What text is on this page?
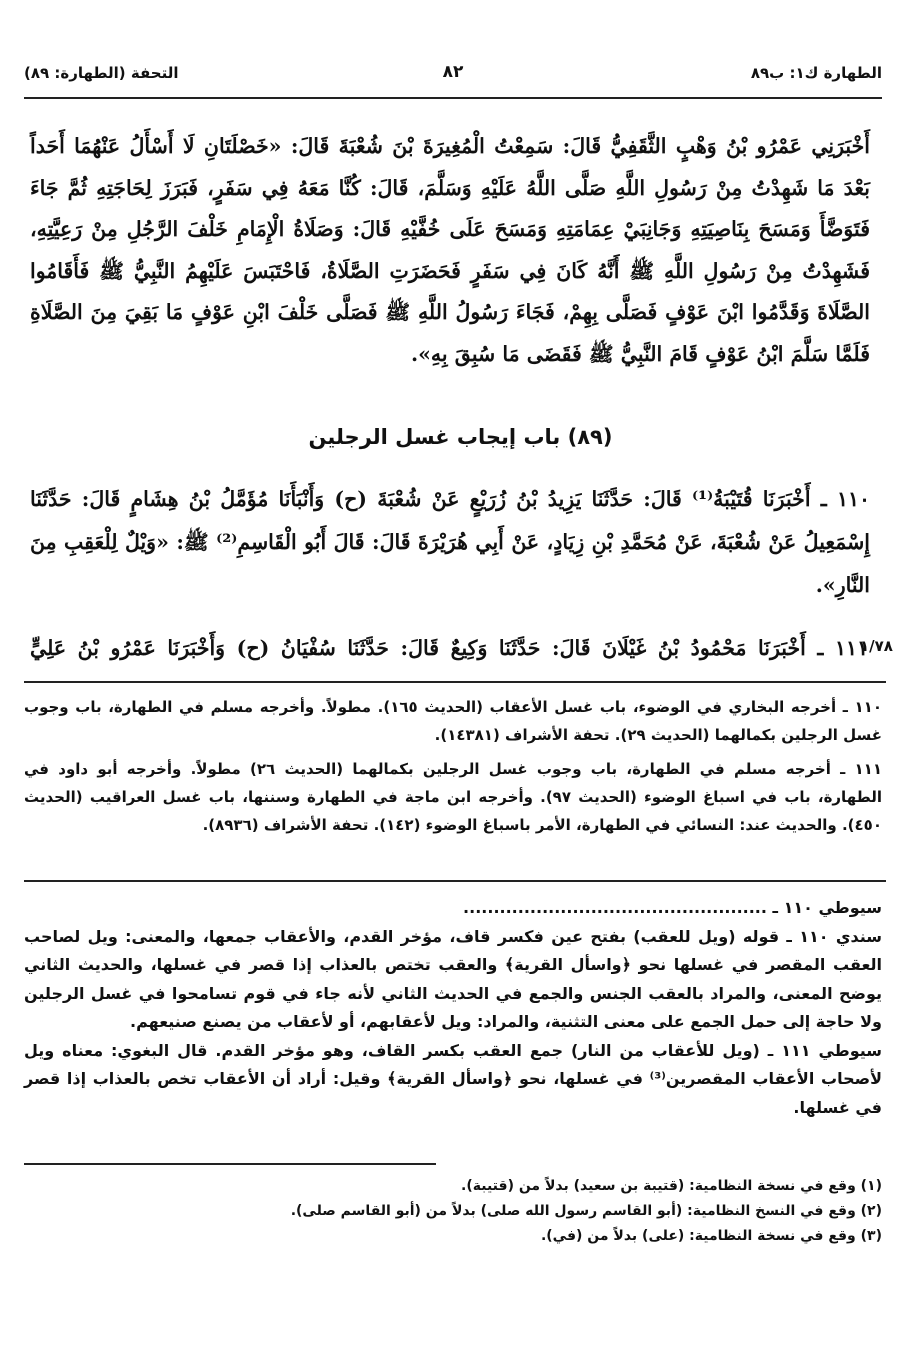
الطهارة ك١: ب٨٩
٨٢
التحفة (الطهارة: ٨٩)

أَخْبَرَنِي عَمْرُو بْنُ وَهْبٍ الثَّقَفِيُّ قَالَ: سَمِعْتُ الْمُغِيرَةَ بْنَ شُعْبَةَ قَالَ: «خَصْلَتَانِ لَا أَسْأَلُ عَنْهُمَا أَحَداً بَعْدَ مَا شَهِدْتُ مِنْ رَسُولِ اللَّهِ صَلَّى اللَّهُ عَلَيْهِ وَسَلَّمَ، قَالَ: كُنَّا مَعَهُ فِي سَفَرٍ، فَبَرَزَ لِحَاجَتِهِ ثُمَّ جَاءَ فَتَوَضَّأَ وَمَسَحَ بِنَاصِيَتِهِ وَجَانِبَيْ عِمَامَتِهِ وَمَسَحَ عَلَى خُفَّيْهِ قَالَ: وَصَلَاةُ الْإِمَامِ خَلْفَ الرَّجُلِ مِنْ رَعِيَّتِهِ، فَشَهِدْتُ مِنْ رَسُولِ اللَّهِ ﷺ أَنَّهُ كَانَ فِي سَفَرٍ فَحَضَرَتِ الصَّلَاةُ، فَاحْتَبَسَ عَلَيْهِمُ النَّبِيُّ ﷺ فَأَقَامُوا الصَّلَاةَ وَقَدَّمُوا ابْنَ عَوْفٍ فَصَلَّى بِهِمْ، فَجَاءَ رَسُولُ اللَّهِ ﷺ فَصَلَّى خَلْفَ ابْنِ عَوْفٍ مَا بَقِيَ مِنَ الصَّلَاةِ فَلَمَّا سَلَّمَ ابْنُ عَوْفٍ قَامَ النَّبِيُّ ﷺ فَقَضَى مَا سُبِقَ بِهِ».

(٨٩) باب إيجاب غسل الرجلين
١١٠ ـ أَخْبَرَنَا قُتَيْبَةُ⁽¹⁾ قَالَ: حَدَّثَنَا يَزِيدُ بْنُ زُرَيْعٍ عَنْ شُعْبَةَ (ح) وَأَنْبَأَنَا مُؤَمَّلُ بْنُ هِشَامٍ قَالَ: حَدَّثَنَا إِسْمَعِيلُ عَنْ شُعْبَةَ، عَنْ مُحَمَّدِ بْنِ زِيَادٍ، عَنْ أَبِي هُرَيْرَةَ قَالَ: قَالَ أَبُو الْقَاسِمِ⁽²⁾ ﷺ: «وَيْلٌ لِلْعَقِبِ مِنَ النَّارِ».
١١١ ـ أَخْبَرَنَا مَحْمُودُ بْنُ غَيْلَانَ قَالَ: حَدَّثَنَا وَكِيعٌ قَالَ: حَدَّثَنَا سُفْيَانُ (ح) وَأَخْبَرَنَا عَمْرُو بْنُ عَلِيٍّ
١/٧٨

١١٠ ـ أخرجه البخاري في الوضوء، باب غسل الأعقاب (الحديث ١٦٥). مطولاً. وأخرجه مسلم في الطهارة، باب وجوب غسل الرجلين بكمالهما (الحديث ٢٩). تحفة الأشراف (١٤٣٨١).

١١١ ـ أخرجه مسلم في الطهارة، باب وجوب غسل الرجلين بكمالهما (الحديث ٢٦) مطولاً. وأخرجه أبو داود في الطهارة، باب في اسباغ الوضوء (الحديث ٩٧). وأخرجه ابن ماجة في الطهارة وسننها، باب غسل العراقيب (الحديث ٤٥٠). والحديث عند: النسائي في الطهارة، الأمر باسباغ الوضوء (١٤٢). تحفة الأشراف (٨٩٣٦).

سيوطي ١١٠ ـ ..................................................

سندي ١١٠ ـ قوله (ويل للعقب) بفتح عين فكسر قاف، مؤخر القدم، والأعقاب جمعها، والمعنى: ويل لصاحب العقب المقصر في غسلها نحو ﴿واسأل القرية﴾ والعقب تختص بالعذاب إذا قصر في غسلها، والحديث الثاني يوضح المعنى، والمراد بالعقب الجنس والجمع في الحديث الثاني لأنه جاء في قوم تسامحوا في غسل الرجلين ولا حاجة إلى حمل الجمع على معنى التثنية، والمراد: ويل لأعقابهم، أو لأعقاب من يصنع صنيعهم.

سيوطي ١١١ ـ (ويل للأعقاب من النار) جمع العقب بكسر القاف، وهو مؤخر القدم. قال البغوي: معناه ويل لأصحاب الأعقاب المقصرين⁽³⁾ في غسلها، نحو ﴿واسأل القرية﴾ وقيل: أراد أن الأعقاب تخص بالعذاب إذا قصر في غسلها.

(١) وقع في نسخة النظامية: (قتيبة بن سعيد) بدلاً من (قتيبة).

(٢) وقع في النسخ النظامية: (أبو القاسم رسول الله صلى) بدلاً من (أبو القاسم صلى).

(٣) وقع في نسخة النظامية: (على) بدلاً من (في).
